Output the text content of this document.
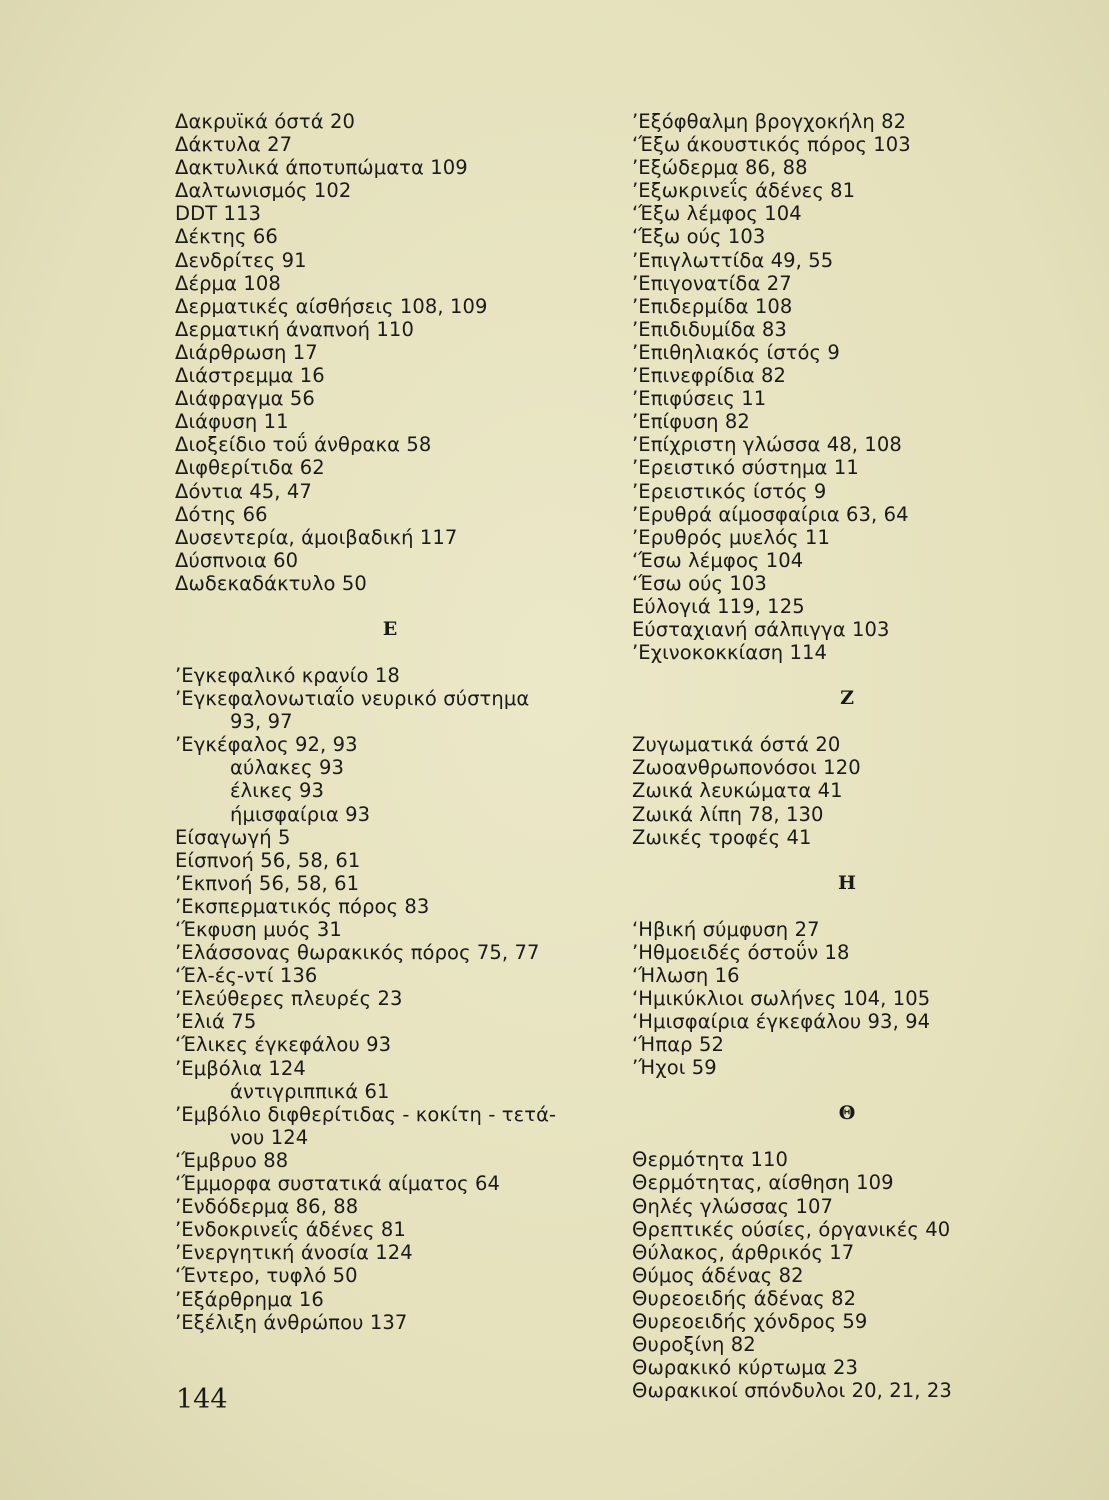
Δακρυϊκά όστά 20
Δάκτυλα 27
Δακτυλικά άποτυπώματα 109
Δαλτωνισμός 102
DDT 113
Δέκτης 66
Δενδρίτες 91
Δέρμα 108
Δερματικές αίσθήσεις 108, 109
Δερματική άναπνοή 110
Διάρθρωση 17
Διάστρεμμα 16
Διάφραγμα 56
Διάφυση 11
Διοξείδιο τοΰ άνθρακα 58
Διφθερίτιδα 62
Δόντια 45, 47
Δότης 66
Δυσεντερία, άμοιβαδική 117
Δύσπνοια 60
Δωδεκαδάκτυλο 50
Ε
’Εγκεφαλικό κρανίο 18
’Εγκεφαλονωτιαΐο νευρικό σύστημα
93, 97
’Εγκέφαλος 92, 93
αύλακες 93
έλικες 93
ήμισφαίρια 93
Είσαγωγή 5
Είσπνοή 56, 58, 61
’Εκπνοή 56, 58, 61
’Εκσπερματικός πόρος 83
‘Έκφυση μυός 31
’Ελάσσονας θωρακικός πόρος 75, 77
‘Έλ-ές-ντί 136
’Ελεύθερες πλευρές 23
’Ελιά 75
‘Έλικες έγκεφάλου 93
’Εμβόλια 124
άντιγριππικά 61
’Εμβόλιο διφθερίτιδας - κοκίτη - τετά-
νου 124
‘Έμβρυο 88
‘Έμμορφα συστατικά αίματος 64
’Ενδόδερμα 86, 88
’Ενδοκρινεΐς άδένες 81
’Ενεργητική άνοσία 124
‘Έντερο, τυφλό 50
’Εξάρθρημα 16
’Εξέλιξη άνθρώπου 137
’Εξόφθαλμη βρογχοκήλη 82
‘Έξω άκουστικός πόρος 103
’Εξώδερμα 86, 88
’Εξωκρινεΐς άδένες 81
‘Έξω λέμφος 104
‘Έξω ούς 103
’Επιγλωττίδα 49, 55
’Επιγονατίδα 27
’Επιδερμίδα 108
’Επιδιδυμίδα 83
’Επιθηλιακός ίστός 9
’Επινεφρίδια 82
’Επιφύσεις 11
’Επίφυση 82
’Επίχριστη γλώσσα 48, 108
’Ερειστικό σύστημα 11
’Ερειστικός ίστός 9
’Ερυθρά αίμοσφαίρια 63, 64
’Ερυθρός μυελός 11
‘Έσω λέμφος 104
‘Έσω ούς 103
Εύλογιά 119, 125
Εύσταχιανή σάλπιγγα 103
’Εχινοκοκκίαση 114
Ζ
Ζυγωματικά όστά 20
Ζωοανθρωπονόσοι 120
Ζωικά λευκώματα 41
Ζωικά λίπη 78, 130
Ζωικές τροφές 41
Η
‘Ηβική σύμφυση 27
’Ηθμοειδές όστοΰν 18
‘Ήλωση 16
‘Ημικύκλιοι σωλήνες 104, 105
‘Ημισφαίρια έγκεφάλου 93, 94
‘Ήπαρ 52
’Ήχοι 59
Θ
Θερμότητα 110
Θερμότητας, αίσθηση 109
Θηλές γλώσσας 107
Θρεπτικές ούσίες, όργανικές 40
Θύλακος, άρθρικός 17
Θύμος άδένας 82
Θυρεοειδής άδένας 82
Θυρεοειδής χόνδρος 59
Θυροξίνη 82
Θωρακικό κύρτωμα 23
Θωρακικοί σπόνδυλοι 20, 21, 23
144
